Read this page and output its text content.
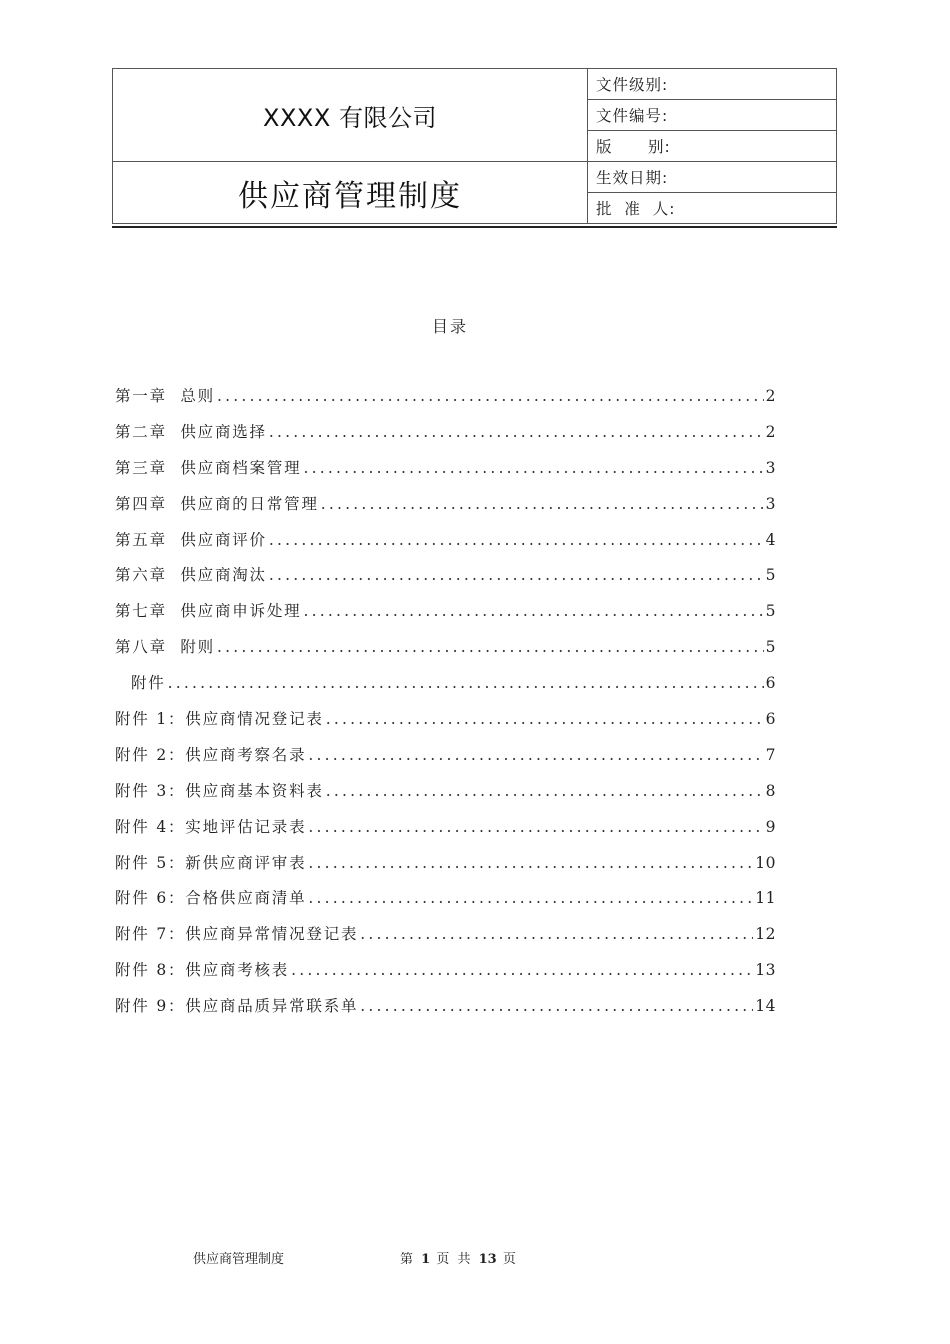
XXXX 有限公司	文件级别:
	文件编号:
	版      别:
供应商管理制度	生效日期:
	批  准  人:
目录
第一章  总则 .....	2
第二章  供应商选择 .....	2
第三章  供应商档案管理 .....	3
第四章  供应商的日常管理 .....	3
第五章  供应商评价 .....	4
第六章  供应商淘汰 .....	5
第七章  供应商申诉处理 .....	5
第八章  附则 .....	5
附件 .....	6
附件 1：供应商情况登记表 .....	6
附件 2：供应商考察名录 .....	7
附件 3：供应商基本资料表 .....	8
附件 4：实地评估记录表 .....	9
附件 5：新供应商评审表 .....	10
附件 6：合格供应商清单 .....	11
附件 7：供应商异常情况登记表 .....	12
附件 8：供应商考核表 .....	13
附件 9：供应商品质异常联系单 .....	14
供应商管理制度	第 1 页 共 13 页
